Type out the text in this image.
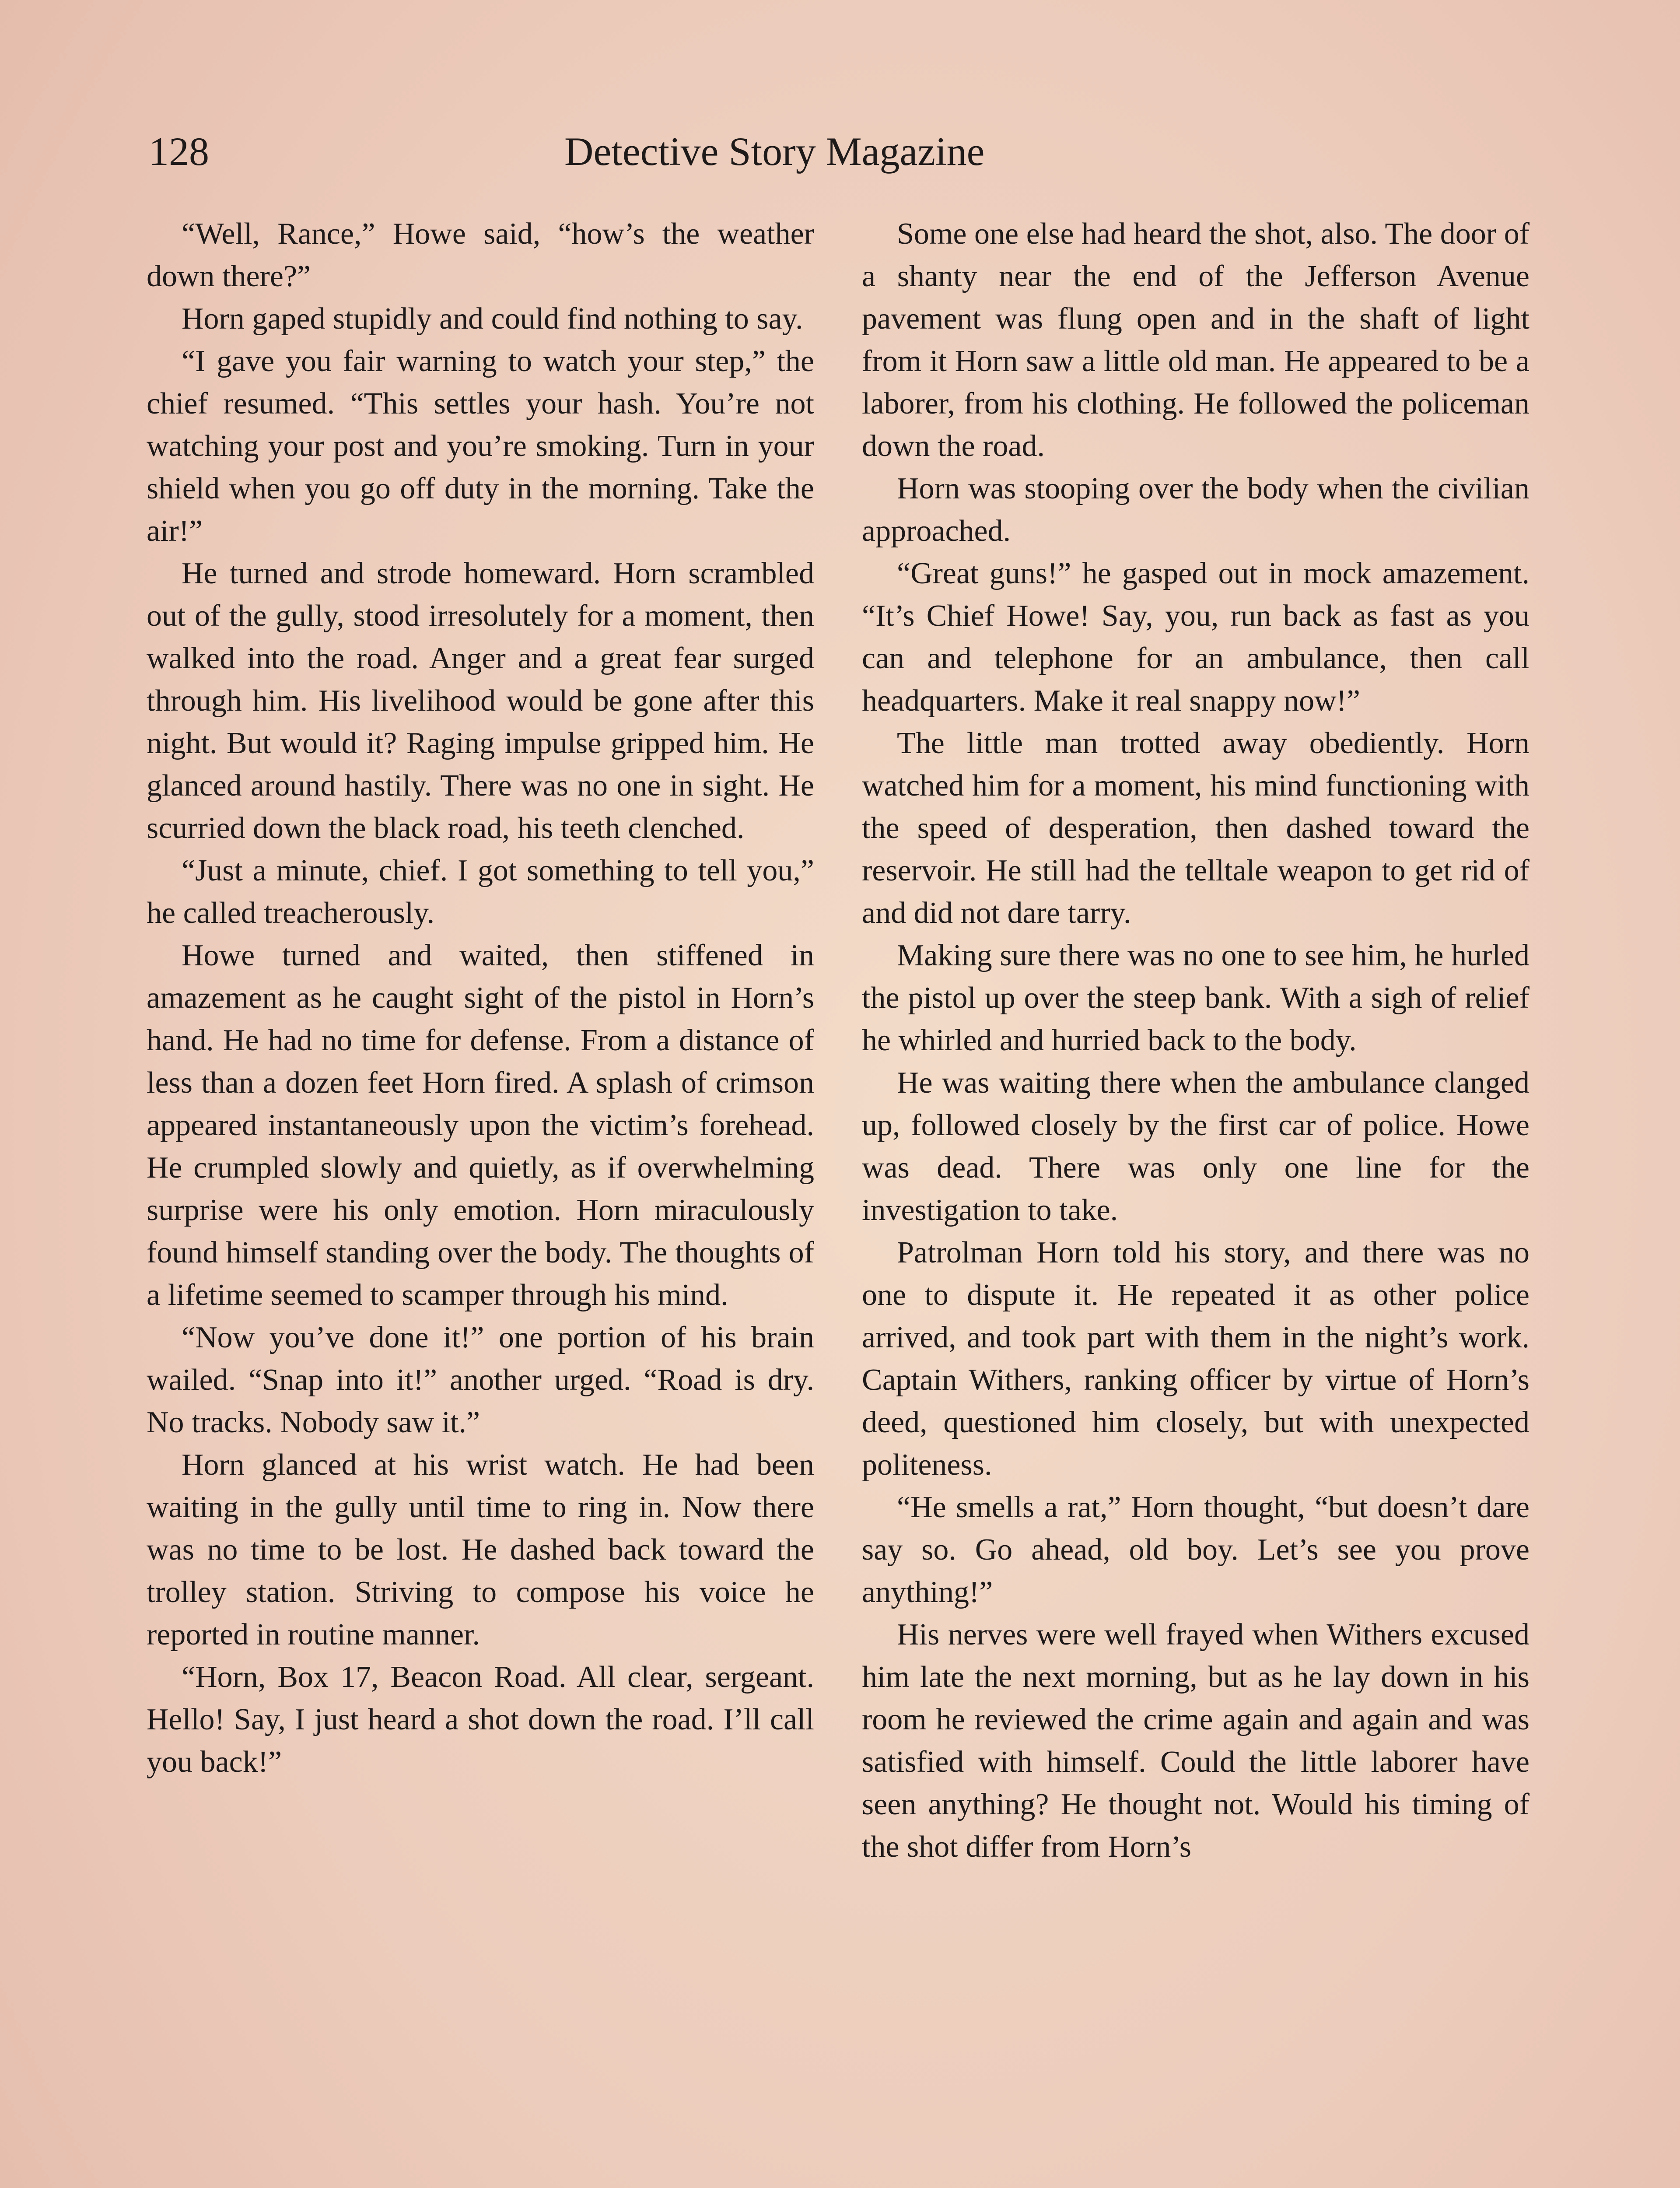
128	Detective Story Magazine

“Well, Rance,” Howe said, “how’s the weather down there?”

Horn gaped stupidly and could find nothing to say.

“I gave you fair warning to watch your step,” the chief resumed. “This settles your hash. You’re not watching your post and you’re smoking. Turn in your shield when you go off duty in the morning. Take the air!”

He turned and strode homeward. Horn scrambled out of the gully, stood irresolutely for a moment, then walked into the road. Anger and a great fear surged through him. His livelihood would be gone after this night. But would it? Raging impulse gripped him. He glanced around hastily. There was no one in sight. He scurried down the black road, his teeth clenched.

“Just a minute, chief. I got something to tell you,” he called treacherously.

Howe turned and waited, then stiffened in amazement as he caught sight of the pistol in Horn’s hand. He had no time for defense. From a distance of less than a dozen feet Horn fired. A splash of crimson appeared instantaneously upon the victim’s forehead. He crumpled slowly and quietly, as if overwhelming surprise were his only emotion. Horn miraculously found himself standing over the body. The thoughts of a lifetime seemed to scamper through his mind.

“Now you’ve done it!” one portion of his brain wailed. “Snap into it!” another urged. “Road is dry. No tracks. Nobody saw it.”

Horn glanced at his wrist watch. He had been waiting in the gully until time to ring in. Now there was no time to be lost. He dashed back toward the trolley station. Striving to compose his voice he reported in routine manner.

“Horn, Box 17, Beacon Road. All clear, sergeant. Hello! Say, I just heard a shot down the road. I’ll call you back!”

Some one else had heard the shot, also. The door of a shanty near the end of the Jefferson Avenue pavement was flung open and in the shaft of light from it Horn saw a little old man. He appeared to be a laborer, from his clothing. He followed the policeman down the road.

Horn was stooping over the body when the civilian approached.

“Great guns!” he gasped out in mock amazement. “It’s Chief Howe! Say, you, run back as fast as you can and telephone for an ambulance, then call headquarters. Make it real snappy now!”

The little man trotted away obediently. Horn watched him for a moment, his mind functioning with the speed of desperation, then dashed toward the reservoir. He still had the telltale weapon to get rid of and did not dare tarry.

Making sure there was no one to see him, he hurled the pistol up over the steep bank. With a sigh of relief he whirled and hurried back to the body.

He was waiting there when the ambulance clanged up, followed closely by the first car of police. Howe was dead. There was only one line for the investigation to take.

Patrolman Horn told his story, and there was no one to dispute it. He repeated it as other police arrived, and took part with them in the night’s work. Captain Withers, ranking officer by virtue of Horn’s deed, questioned him closely, but with unexpected politeness.

“He smells a rat,” Horn thought, “but doesn’t dare say so. Go ahead, old boy. Let’s see you prove anything!”

His nerves were well frayed when Withers excused him late the next morning, but as he lay down in his room he reviewed the crime again and again and was satisfied with himself. Could the little laborer have seen anything? He thought not. Would his timing of the shot differ from Horn’s
